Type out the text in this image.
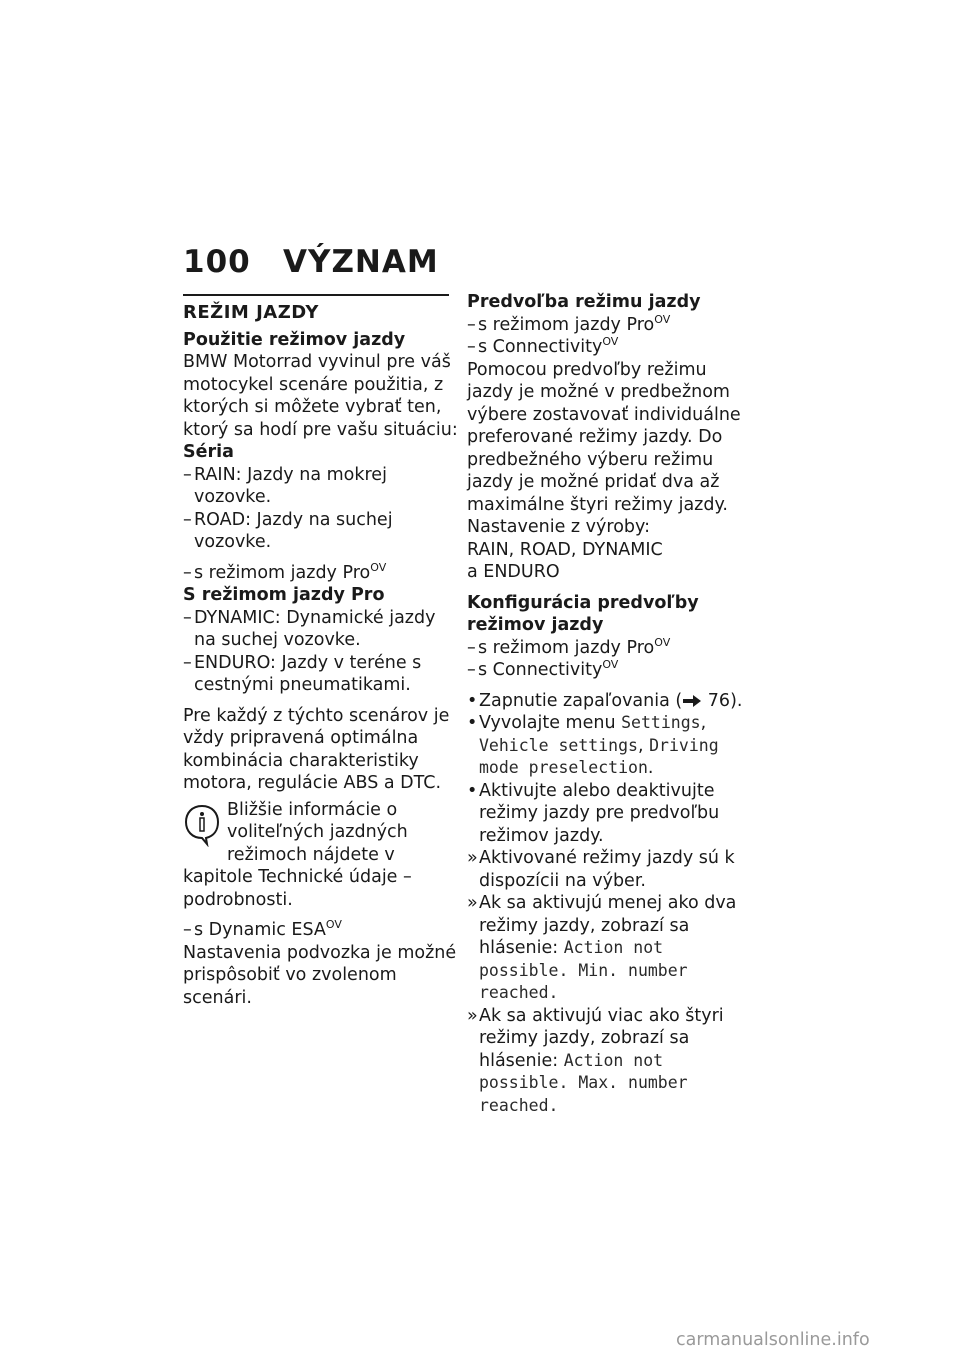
100 VÝZNAM
REŽIM JAZDY
Použitie režimov jazdy

BMW Motorrad vyvinul pre váš motocykel scenáre použitia, z ktorých si môžete vybrať ten, ktorý sa hodí pre vašu situáciu:

Séria
– RAIN: Jazdy na mokrej vozovke.
– ROAD: Jazdy na suchej vozovke.
– s režimom jazdy Pro$^{OV}$
S režimom jazdy Pro
– DYNAMIC: Dynamické jazdy na suchej vozovke.
– ENDURO: Jazdy v teréne s cestnými pneumatikami.

Pre každý z týchto scenárov je vždy pripravená optimálna kombinácia charakteristiky motora, regulácie ABS a DTC.

Bližšie informácie o voliteľných jazdných režimoch nájdete v kapitole Technické údaje – podrobnosti.

– s Dynamic $ESA^{OV}$

Nastavenia podvozka je možné prispôsobiť vo zvolenom scenári.

Predvoľba režimu jazdy
– s režimom jazdy Pro$^{OV}$
– s Connectivity$^{OV}$

Pomocou predvoľby režimu jazdy je možné v predbežnom výbere zostavovať individuálne preferované režimy jazdy. Do predbežného výberu režimu jazdy je možné pridať dva až maximálne štyri režimy jazdy.

Nastavenie z výroby:

RAIN, ROAD, DYNAMIC

a ENDURO

Konfigurácia predvoľby režimov jazdy
– s režimom jazdy Pro$^{OV}$
– s Connectivity$^{OV}$
• Zapnutie zapaľovania ( 76).
• Vyvolajte menu Settings, Vehicle settings, Driving mode preselection.
• Aktivujte alebo deaktivujte režimy jazdy pre predvoľbu režimov jazdy.
» Aktivované režimy jazdy sú k dispozícii na výber.
» Ak sa aktivujú menej ako dva režimy jazdy, zobrazí sa hlásenie: Action not possible. Min. number reached.
» Ak sa aktivujú viac ako štyri režimy jazdy, zobrazí sa hlásenie: Action not possible. Max. number reached.
carmanualsonline.info
